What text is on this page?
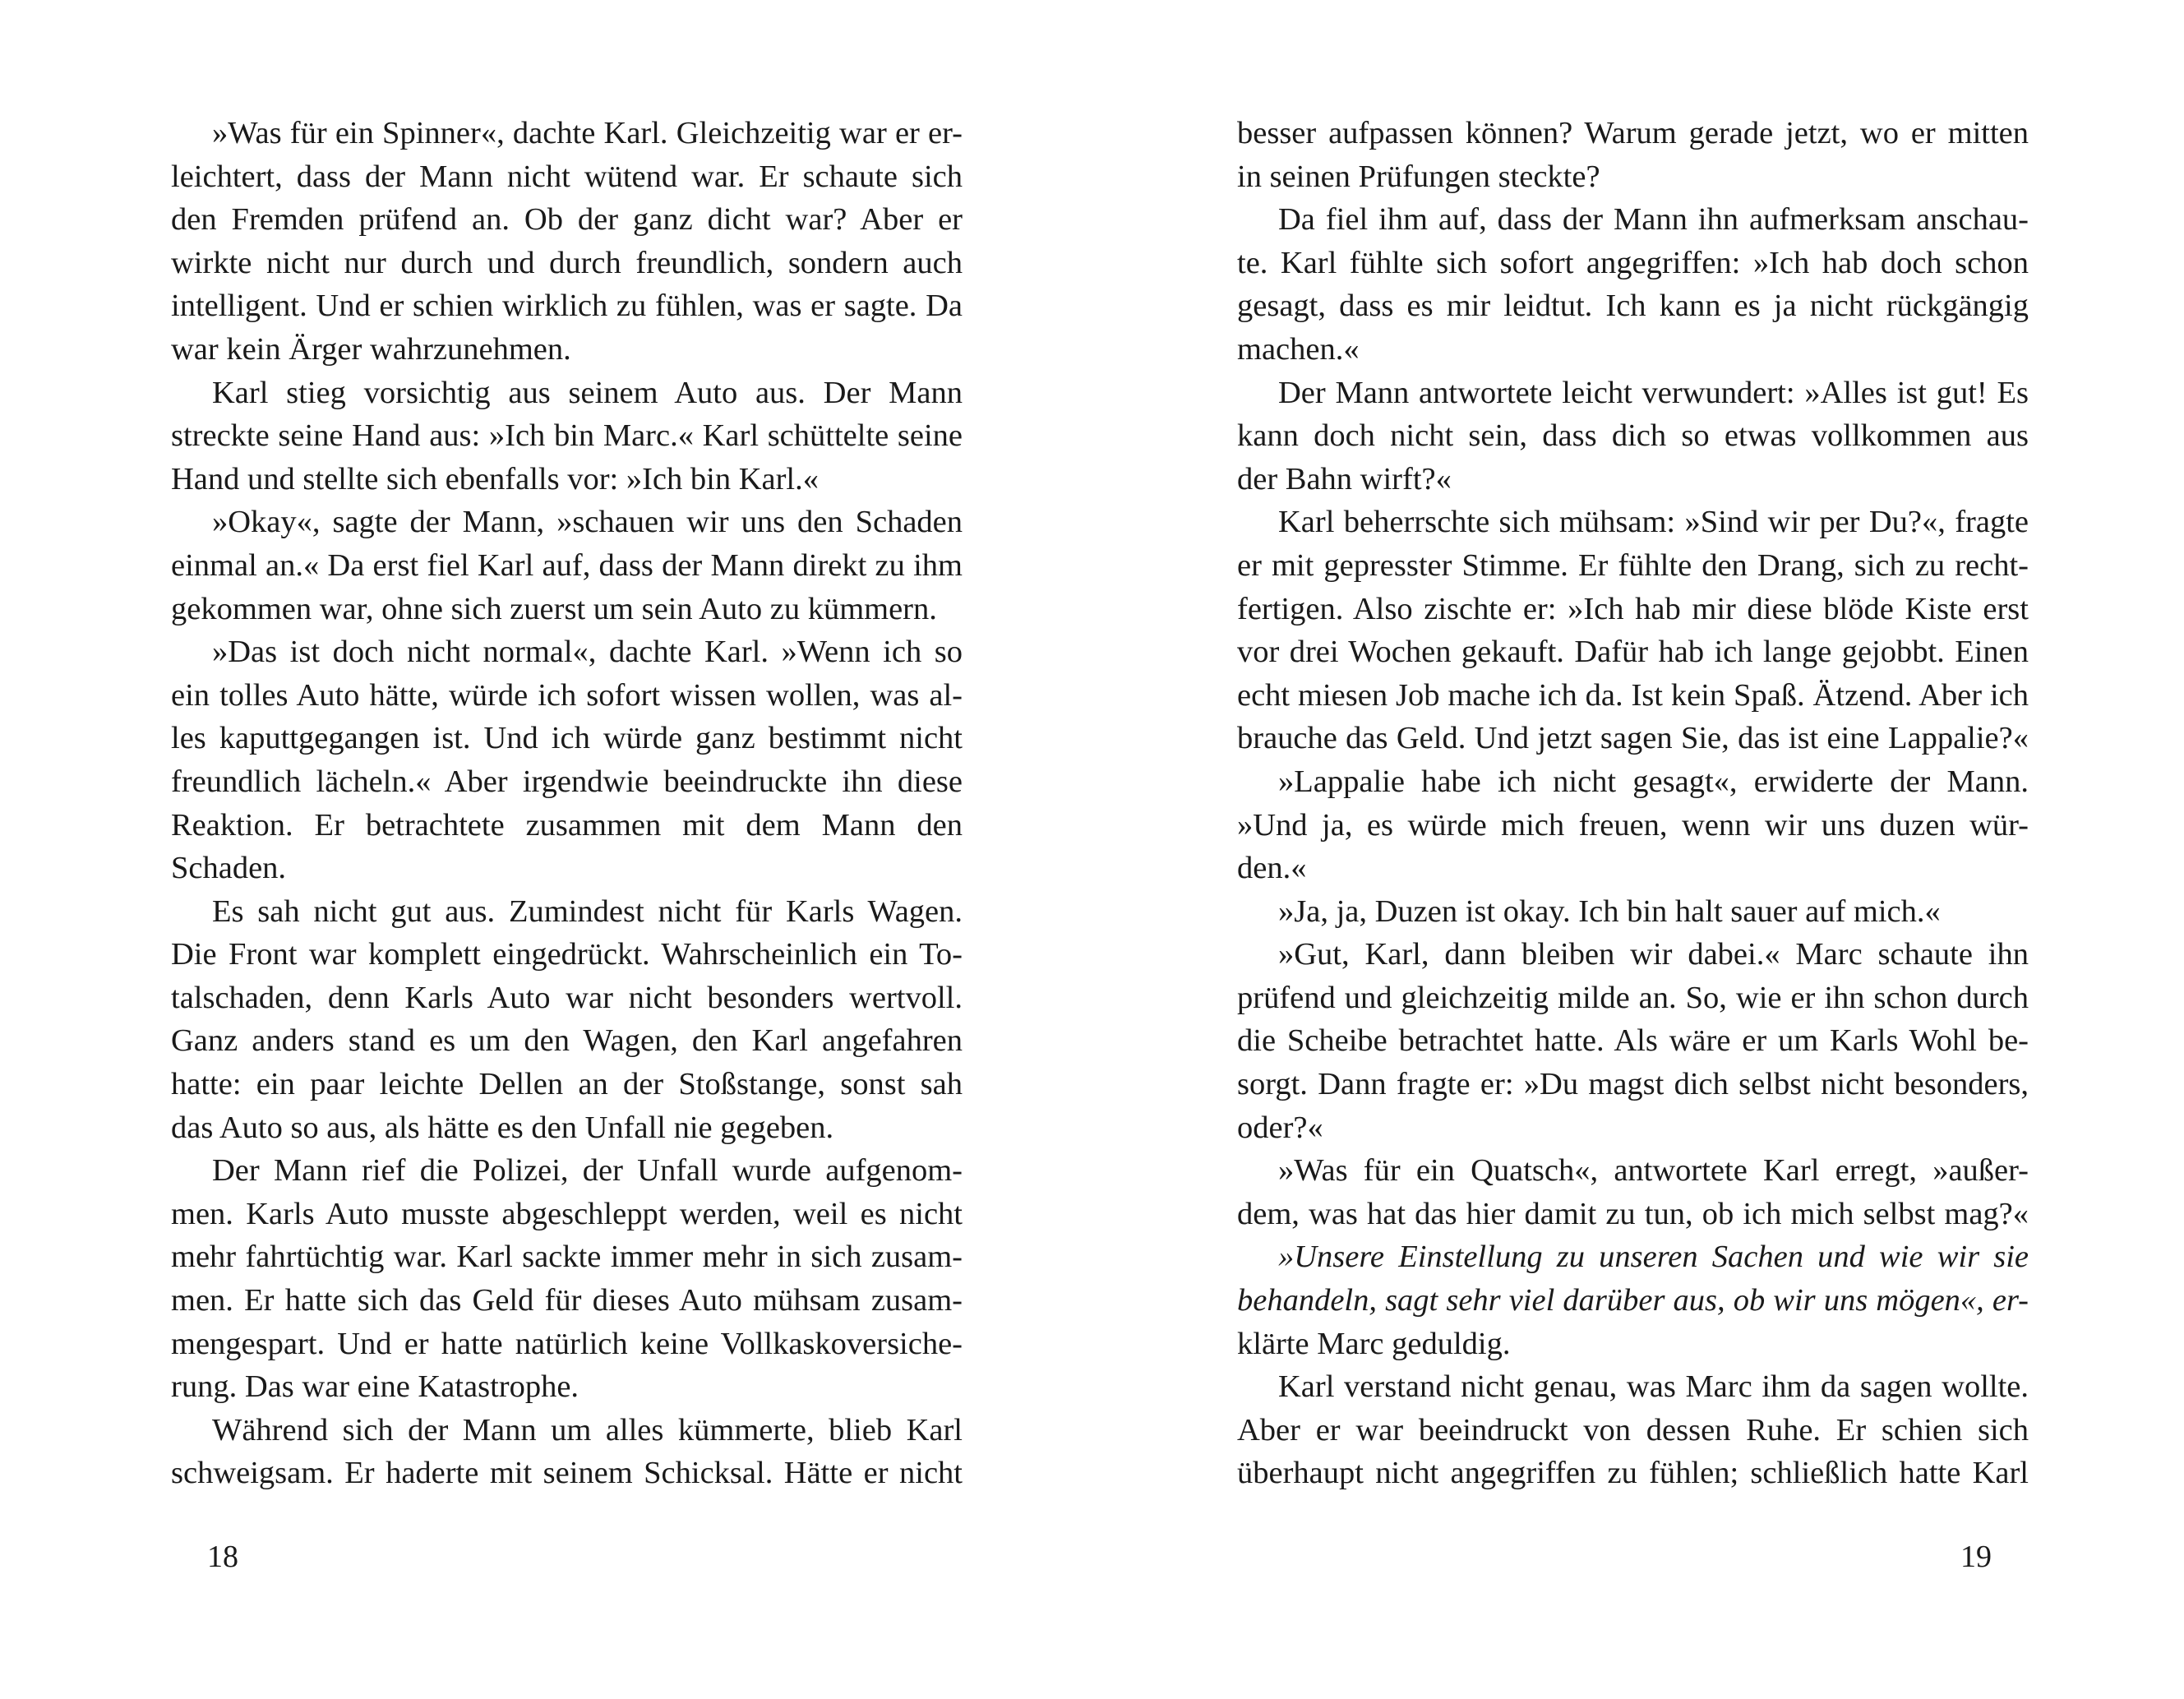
»Was für ein Spinner«, dachte Karl. Gleichzeitig war er er-
leichtert, dass der Mann nicht wütend war. Er schaute sich
den Fremden prüfend an. Ob der ganz dicht war? Aber er
wirkte nicht nur durch und durch freundlich, sondern auch
intelligent. Und er schien wirklich zu fühlen, was er sagte. Da
war kein Ärger wahrzunehmen.
Karl stieg vorsichtig aus seinem Auto aus. Der Mann
streckte seine Hand aus: »Ich bin Marc.« Karl schüttelte seine
Hand und stellte sich ebenfalls vor: »Ich bin Karl.«
»Okay«, sagte der Mann, »schauen wir uns den Schaden
einmal an.« Da erst fiel Karl auf, dass der Mann direkt zu ihm
gekommen war, ohne sich zuerst um sein Auto zu kümmern.
»Das ist doch nicht normal«, dachte Karl. »Wenn ich so
ein tolles Auto hätte, würde ich sofort wissen wollen, was al-
les kaputtgegangen ist. Und ich würde ganz bestimmt nicht
freundlich lächeln.« Aber irgendwie beeindruckte ihn diese
Reaktion. Er betrachtete zusammen mit dem Mann den
Schaden.
Es sah nicht gut aus. Zumindest nicht für Karls Wagen.
Die Front war komplett eingedrückt. Wahrscheinlich ein To-
talschaden, denn Karls Auto war nicht besonders wertvoll.
Ganz anders stand es um den Wagen, den Karl angefahren
hatte: ein paar leichte Dellen an der Stoßstange, sonst sah
das Auto so aus, als hätte es den Unfall nie gegeben.
Der Mann rief die Polizei, der Unfall wurde aufgenom-
men. Karls Auto musste abgeschleppt werden, weil es nicht
mehr fahrtüchtig war. Karl sackte immer mehr in sich zusam-
men. Er hatte sich das Geld für dieses Auto mühsam zusam-
mengespart. Und er hatte natürlich keine Vollkaskoversiche-
rung. Das war eine Katastrophe.
Während sich der Mann um alles kümmerte, blieb Karl
schweigsam. Er haderte mit seinem Schicksal. Hätte er nicht
18
besser aufpassen können? Warum gerade jetzt, wo er mitten
in seinen Prüfungen steckte?
Da fiel ihm auf, dass der Mann ihn aufmerksam anschau-
te. Karl fühlte sich sofort angegriffen: »Ich hab doch schon
gesagt, dass es mir leidtut. Ich kann es ja nicht rückgängig
machen.«
Der Mann antwortete leicht verwundert: »Alles ist gut! Es
kann doch nicht sein, dass dich so etwas vollkommen aus
der Bahn wirft?«
Karl beherrschte sich mühsam: »Sind wir per Du?«, fragte
er mit gepresster Stimme. Er fühlte den Drang, sich zu recht-
fertigen. Also zischte er: »Ich hab mir diese blöde Kiste erst
vor drei Wochen gekauft. Dafür hab ich lange gejobbt. Einen
echt miesen Job mache ich da. Ist kein Spaß. Ätzend. Aber ich
brauche das Geld. Und jetzt sagen Sie, das ist eine Lappalie?«
»Lappalie habe ich nicht gesagt«, erwiderte der Mann.
»Und ja, es würde mich freuen, wenn wir uns duzen wür-
den.«
»Ja, ja, Duzen ist okay. Ich bin halt sauer auf mich.«
»Gut, Karl, dann bleiben wir dabei.« Marc schaute ihn
prüfend und gleichzeitig milde an. So, wie er ihn schon durch
die Scheibe betrachtet hatte. Als wäre er um Karls Wohl be-
sorgt. Dann fragte er: »Du magst dich selbst nicht besonders,
oder?«
»Was für ein Quatsch«, antwortete Karl erregt, »außer-
dem, was hat das hier damit zu tun, ob ich mich selbst mag?«
»Unsere Einstellung zu unseren Sachen und wie wir sie
behandeln, sagt sehr viel darüber aus, ob wir uns mögen«, er-
klärte Marc geduldig.
Karl verstand nicht genau, was Marc ihm da sagen wollte.
Aber er war beeindruckt von dessen Ruhe. Er schien sich
überhaupt nicht angegriffen zu fühlen; schließlich hatte Karl
19
